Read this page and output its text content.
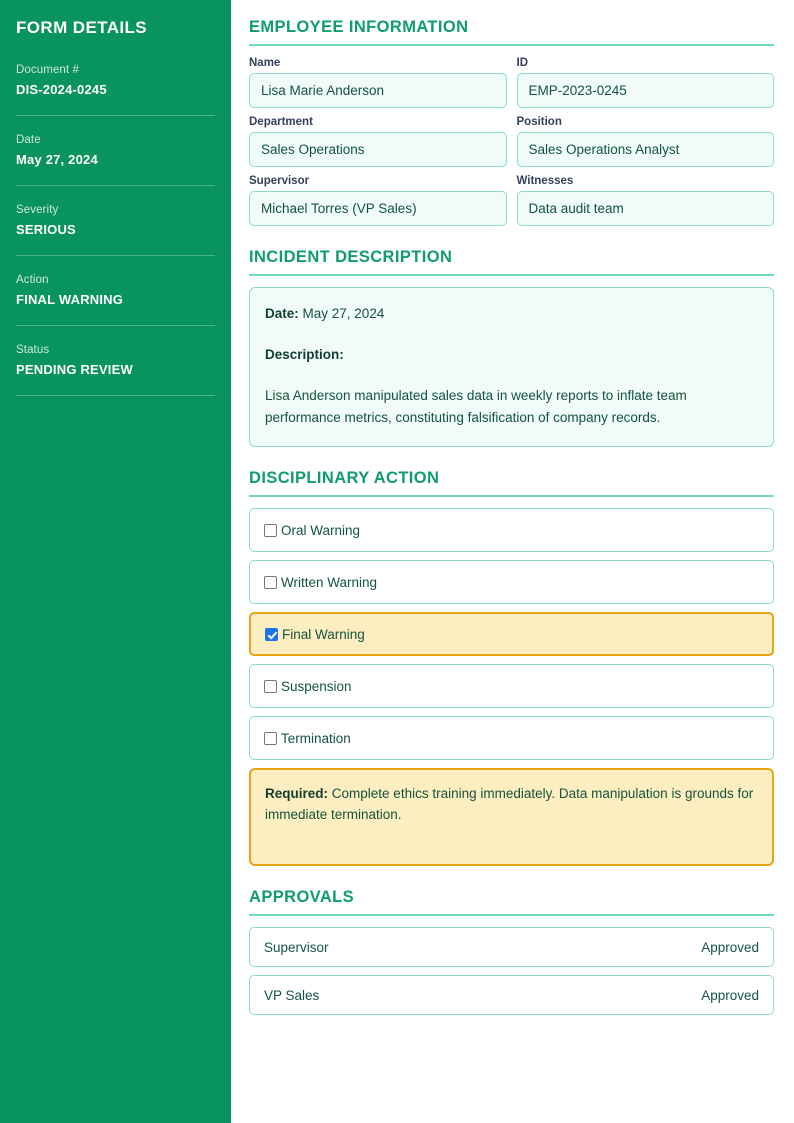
FORM DETAILS
Document #
DIS-2024-0245
Date
May 27, 2024
Severity
SERIOUS
Action
FINAL WARNING
Status
PENDING REVIEW
EMPLOYEE INFORMATION
Name
Lisa Marie Anderson
ID
EMP-2023-0245
Department
Sales Operations
Position
Sales Operations Analyst
Supervisor
Michael Torres (VP Sales)
Witnesses
Data audit team
INCIDENT DESCRIPTION
Date: May 27, 2024
Description:
Lisa Anderson manipulated sales data in weekly reports to inflate team performance metrics, constituting falsification of company records.
DISCIPLINARY ACTION
Oral Warning
Written Warning
Final Warning
Suspension
Termination
Required: Complete ethics training immediately. Data manipulation is grounds for immediate termination.
APPROVALS
Supervisor	Approved
VP Sales	Approved
